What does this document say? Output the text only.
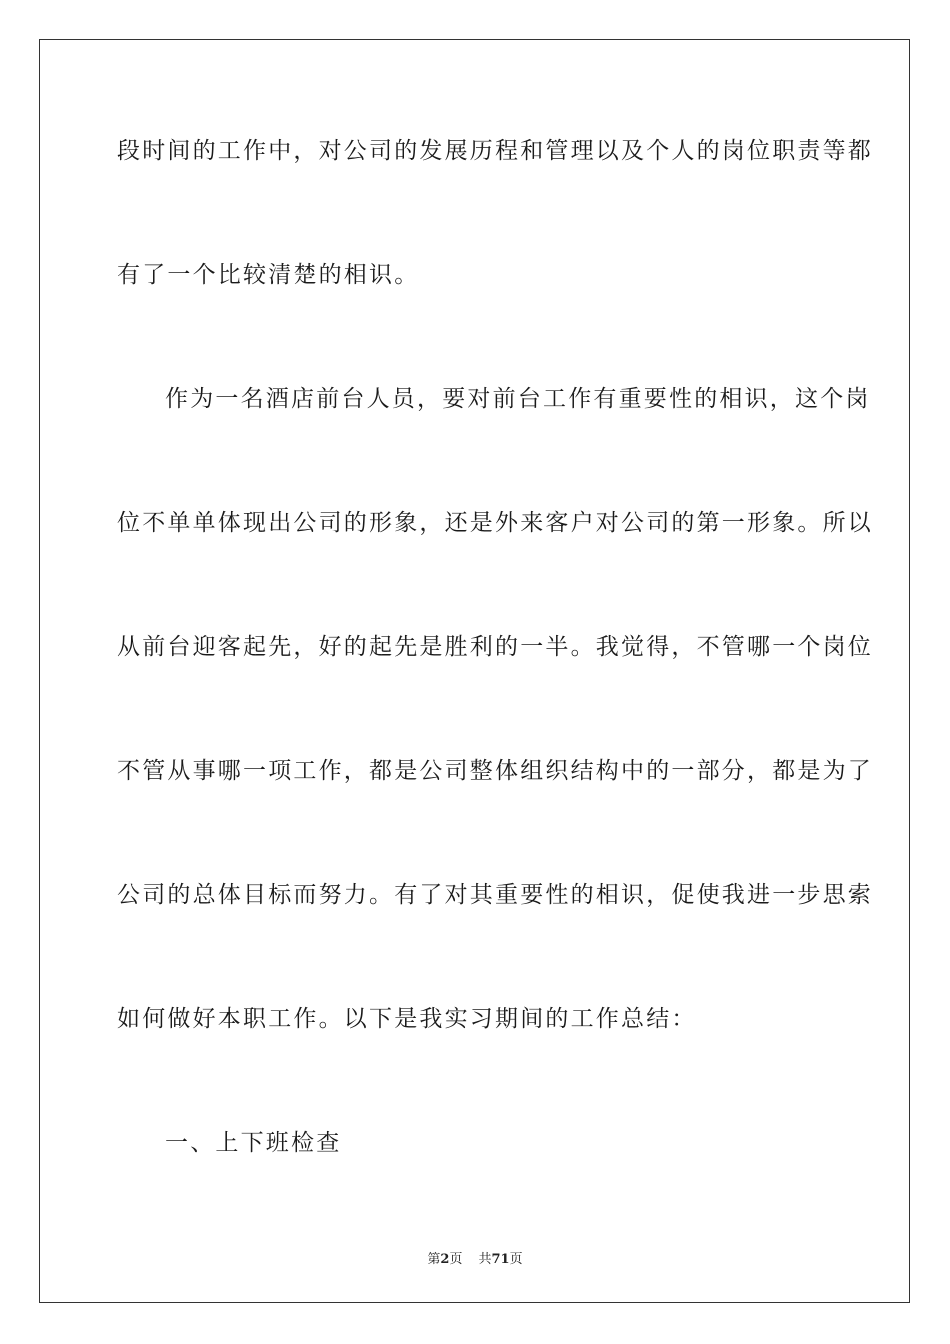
段时间的工作中，对公司的发展历程和管理以及个人的岗位职责等都
有了一个比较清楚的相识。
作为一名酒店前台人员，要对前台工作有重要性的相识，这个岗
位不单单体现出公司的形象，还是外来客户对公司的第一形象。所以
从前台迎客起先，好的起先是胜利的一半。我觉得，不管哪一个岗位
不管从事哪一项工作，都是公司整体组织结构中的一部分，都是为了
公司的总体目标而努力。有了对其重要性的相识，促使我进一步思索
如何做好本职工作。以下是我实习期间的工作总结：
一、上下班检查
第2页 共71页
